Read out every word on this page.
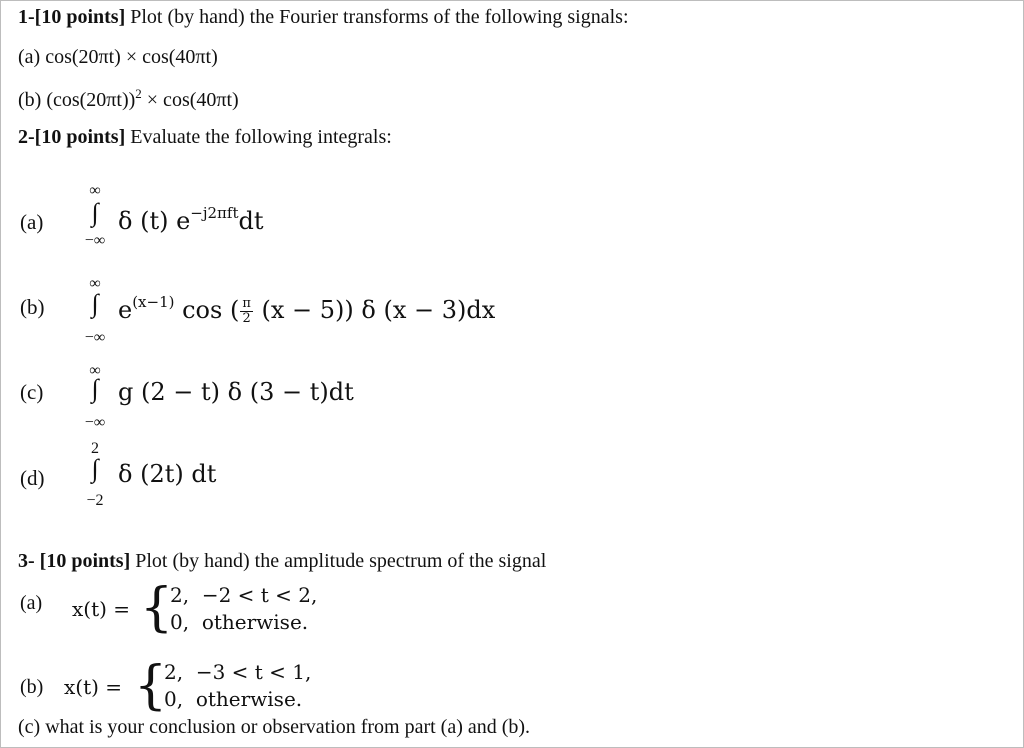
1-[10 points] Plot (by hand) the Fourier transforms of the following signals:
(a) cos(20πt) × cos(40πt)
(b) $(\cos(20\pi t))^2 \times \cos(40\pi t)$
2-[10 points] Evaluate the following integrals:
(a)
∞
∫
−∞
δ (t) $e^{-j2\pi ft}dt$
(b)
∞
∫
−∞
$e^{(x-1)}$ cos ( $\frac{\pi}{2} (x - 5)$) δ (x − 3)dx
(c)
∞
∫
−∞
g (2 − t) δ (3 − t)dt
(d)
2
∫
−2
δ (2t) dt
3- [10 points] Plot (by hand) the amplitude spectrum of the signal
(a) x(t) = {
2, −2 < t < 2,
0, otherwise.
(b) x(t) = {
2, −3 < t < 1,
0, otherwise.
(c) what is your conclusion or observation from part (a) and (b).
